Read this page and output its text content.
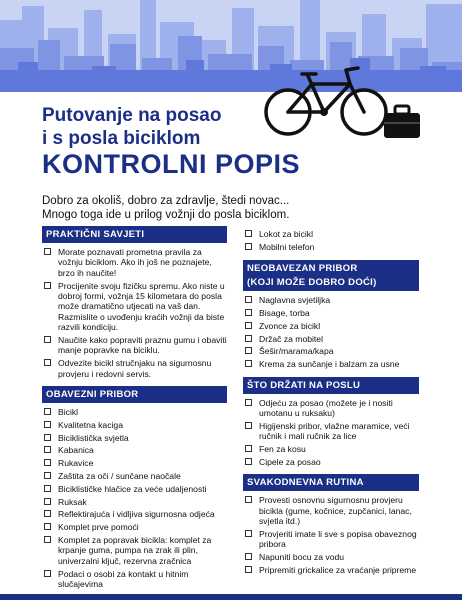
Putovanje na posao
i s posla biciklom
KONTROLNI POPIS
Dobro za okoliš, dobro za zdravlje, štedi novac...
Mnogo toga ide u prilog vožnji do posla biciklom.
PRAKTIČNI SAVJETI
Morate poznavati prometna pravila za vožnju biciklom. Ako ih još ne poznajete, brzo ih naučite!
Procijenite svoju fizičku spremu. Ako niste u dobroj formi, vožnja 15 kilometara do posla može dramatično utjecati na vaš dan. Razmislite o uvođenju kraćih vožnji da biste razvili kondiciju.
Naučite kako popraviti praznu gumu i obaviti manje popravke na biciklu.
Odvezite bicikl stručnjaku na sigurnosnu provjeru i redovni servis.
OBAVEZNI PRIBOR
Bicikl
Kvalitetna kaciga
Biciklistička svjetla
Kabanica
Rukavice
Zaštita za oči / sunčane naočale
Biciklističke hlačice za veće udaljenosti
Ruksak
Reflektirajuća i vidljiva sigurnosna odjeća
Komplet prve pomoći
Komplet za popravak bicikla: komplet za krpanje guma, pumpa na zrak ili plin, univerzalni ključ, rezervna zračnica
Podaci o osobi za kontakt u hitnim slučajevima
Lokot za bicikl
Mobilni telefon
NEOBAVEZAN PRIBOR
(KOJI MOŽE DOBRO DOĆI)
Naglavna svjetiljka
Bisage, torba
Zvonce za bicikl
Držač za mobitel
Šešir/marama/kapa
Krema za sunčanje i balzam za usne
ŠTO DRŽATI NA POSLU
Odjeću za posao (možete je i nositi umotanu u ruksaku)
Higijenski pribor, vlažne maramice, veći ručnik i mali ručnik za lice
Fen za kosu
Cipele za posao
SVAKODNEVNA RUTINA
Provesti osnovnu sigurnosnu provjeru bicikla (gume, kočnice, zupčanici, lanac, svjetla itd.)
Provjeriti imate li sve s popisa obaveznog pribora
Napuniti bocu za vodu
Pripremiti grickalice za vraćanje pripreme
